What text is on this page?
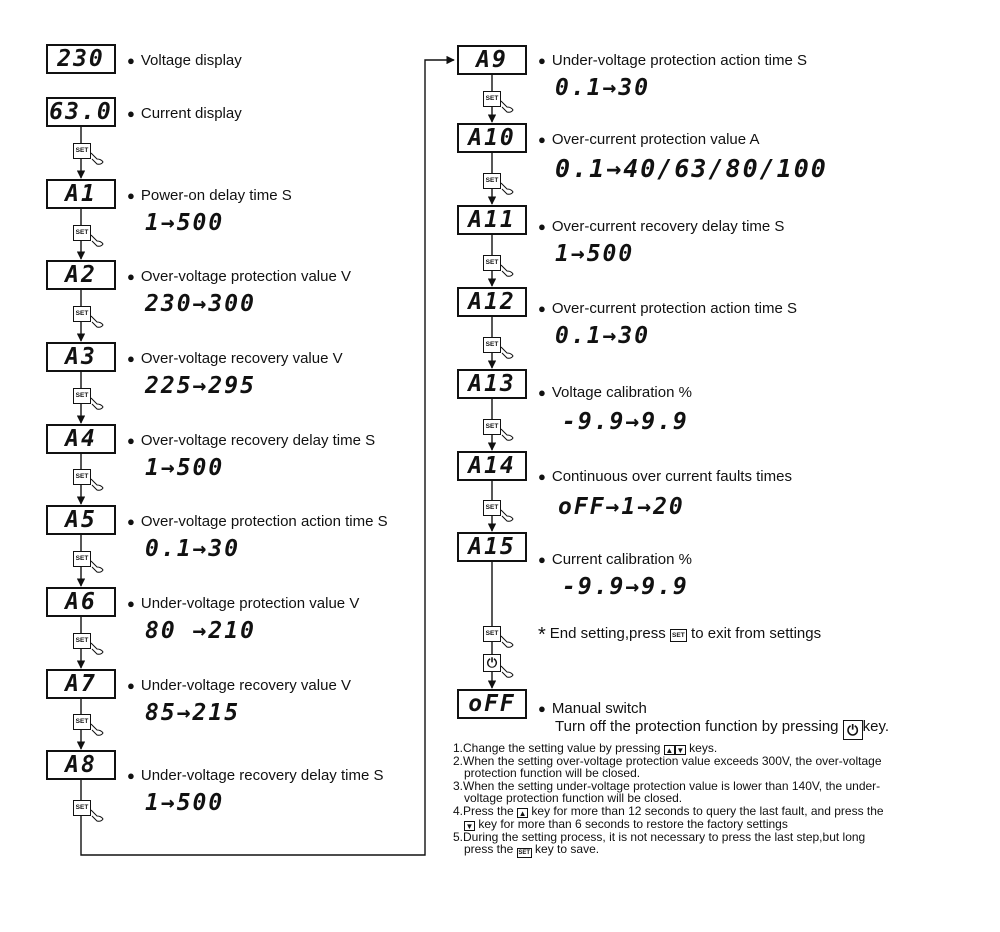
230 ● Voltage display
63.0 ● Current display
SET
A1 ● Power-on delay time S
1→500
SET
A2 ● Over-voltage protection value V
230→300
SET
A3 ● Over-voltage recovery value V
225→295
SET
A4 ● Over-voltage recovery delay time S
1→500
SET
A5 ● Over-voltage protection action time S
0.1→30
SET
A6 ● Under-voltage protection value V
80 →210
SET
A7 ● Under-voltage recovery value V
85→215
SET
A8 ● Under-voltage recovery delay time S
1→500
SET
A9 ● Under-voltage protection action time S
0.1→30
SET
A10 ● Over-current protection value A
0.1→40/63/80/100
SET
A11 ● Over-current recovery delay time S
1→500
SET
A12 ● Over-current protection action time S
0.1→30
SET
A13 ● Voltage calibration %
-9.9→9.9
SET
A14 ● Continuous over current faults times
oFF→1→20
SET
A15 ● Current calibration %
-9.9→9.9
SET * End setting,press SET to exit from settings
⏻
oFF ● Manual switch
Turn off the protection function by pressing ⏻ key.
1.Change the setting value by pressing ▲ ▼ keys.
2.When the setting over-voltage protection value exceeds 300V, the over-voltage
protection function will be closed.
3.When the setting under-voltage protection value is lower than 140V, the under-
voltage protection function will be closed.
4.Press the ▲ key for more than 12 seconds to query the last fault, and press the
▼ key for more than 6 seconds to restore the factory settings
5.During the setting process, it is not necessary to press the last step,but long
press the SET key to save.
